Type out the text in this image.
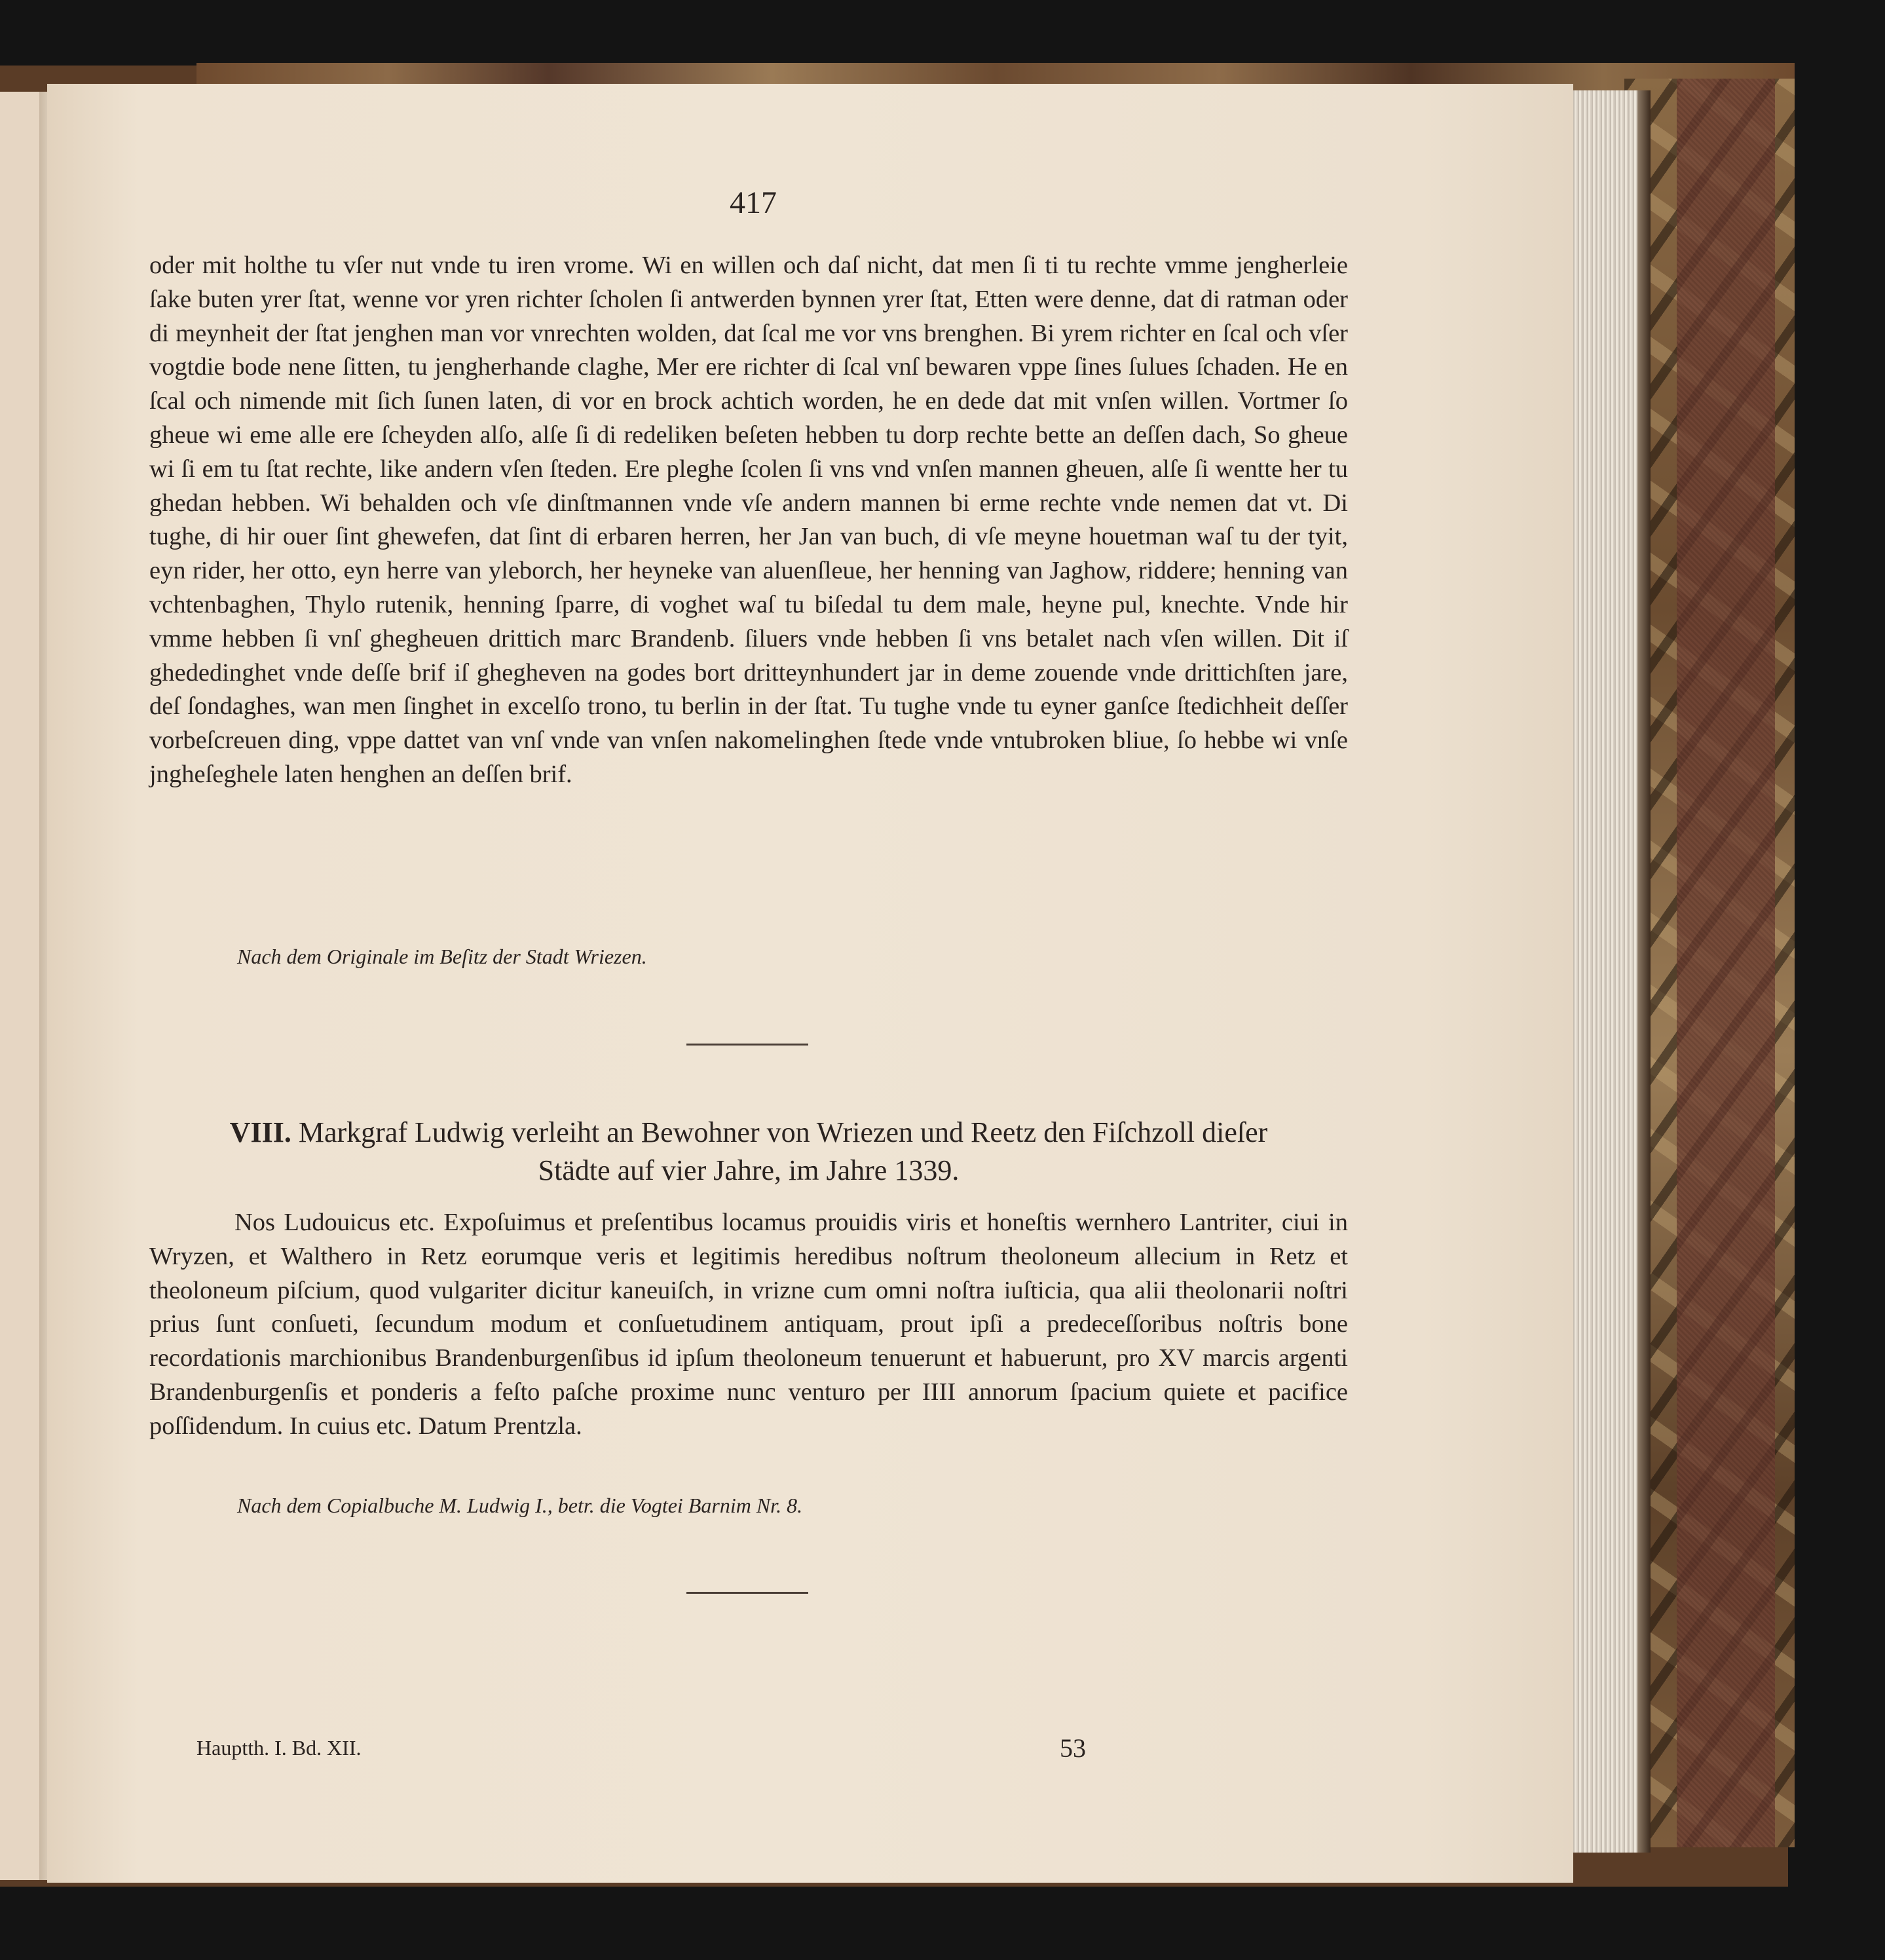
417

oder mit holthe tu vſer nut vnde tu iren vrome. Wi en willen och daſ nicht, dat men ſi ti tu rechte vmme jengherleie ſake buten yrer ſtat, wenne vor yren richter ſcholen ſi antwerden bynnen yrer ſtat, Etten were denne, dat di ratman oder di meynheit der ſtat jenghen man vor vnrechten wolden, dat ſcal me vor vns brenghen. Bi yrem richter en ſcal och vſer vogtdie bode nene ſitten, tu jengherhande claghe, Mer ere richter di ſcal vnſ bewaren vppe ſines ſulues ſchaden. He en ſcal och nimende mit ſich ſunen laten, di vor en brock achtich worden, he en dede dat mit vnſen willen. Vortmer ſo gheue wi eme alle ere ſcheyden alſo, alſe ſi di redeliken beſeten hebben tu dorp rechte bette an deſſen dach, So gheue wi ſi em tu ſtat rechte, like andern vſen ſteden. Ere pleghe ſcolen ſi vns vnd vnſen mannen gheuen, alſe ſi wentte her tu ghedan hebben. Wi behalden och vſe dinſtmannen vnde vſe andern mannen bi erme rechte vnde nemen dat vt. Di tughe, di hir ouer ſint ghewefen, dat ſint di erbaren herren, her Jan van buch, di vſe meyne houetman waſ tu der tyit, eyn rider, her otto, eyn herre van yleborch, her heyneke van aluenſleue, her henning van Jaghow, riddere; henning van vchtenbaghen, Thylo rutenik, henning ſparre, di voghet waſ tu biſedal tu dem male, heyne pul, knechte. Vnde hir vmme hebben ſi vnſ ghegheuen drittich marc Brandenb. ſiluers vnde hebben ſi vns betalet nach vſen willen. Dit iſ ghededinghet vnde deſſe brif iſ ghegheven na godes bort dritteynhundert jar in deme zouende vnde drittichſten jare, deſ ſondaghes, wan men ſinghet in excelſo trono, tu berlin in der ſtat. Tu tughe vnde tu eyner ganſce ſtedichheit deſſer vorbeſcreuen ding, vppe dattet van vnſ vnde van vnſen nakomelinghen ſtede vnde vntubroken bliue, ſo hebbe wi vnſe jngheſeghele laten henghen an deſſen brif.

Nach dem Originale im Beſitz der Stadt Wriezen.
VIII. Markgraf Ludwig verleiht an Bewohner von Wriezen und Reetz den Fiſchzoll dieſer
Städte auf vier Jahre, im Jahre 1339.
Nos Ludouicus etc. Expoſuimus et preſentibus locamus prouidis viris et honeſtis wernhero Lantriter, ciui in Wryzen, et Walthero in Retz eorumque veris et legitimis heredibus noſtrum theoloneum allecium in Retz et theoloneum piſcium, quod vulgariter dicitur kaneuiſch, in vrizne cum omni noſtra iuſticia, qua alii theolonarii noſtri prius ſunt conſueti, ſecundum modum et conſuetudinem antiquam, prout ipſi a predeceſſoribus noſtris bone recordationis marchionibus Brandenburgenſibus id ipſum theoloneum tenuerunt et habuerunt, pro XV marcis argenti Brandenburgenſis et ponderis a feſto paſche proxime nunc venturo per IIII annorum ſpacium quiete et pacifice poſſidendum. In cuius etc. Datum Prentzla.
Nach dem Copialbuche M. Ludwig I., betr. die Vogtei Barnim Nr. 8.
Hauptth. I. Bd. XII.	53
